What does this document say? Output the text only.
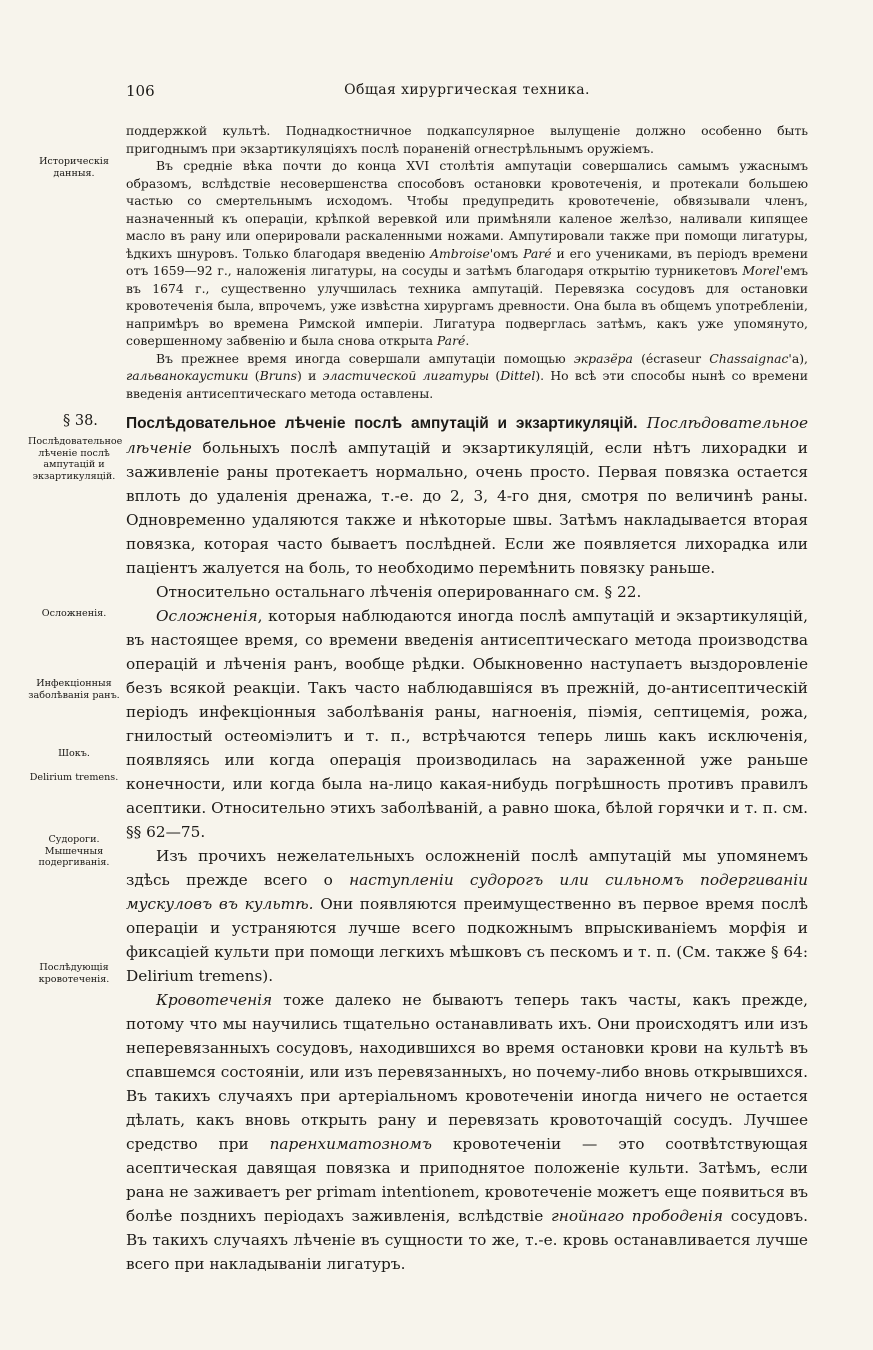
106	Общая хирургическая техника.

поддержкой культѣ. Поднадкостничное подкапсулярное вылущеніе должно особенно быть пригоднымъ при экзартикуляціяхъ послѣ пораненій огнестрѣльнымъ оружіемъ.

Въ средніе вѣка почти до конца XVI столѣтія ампутаціи совершались самымъ ужаснымъ образомъ, вслѣдствіе несовершенства способовъ остановки кровотеченія, и протекали большею частью со смертельнымъ исходомъ. Чтобы предупредить кровотеченіе, обвязывали членъ, назначенный къ операціи, крѣпкой веревкой или примѣняли каленое желѣзо, наливали кипящее масло въ рану или оперировали раскаленными ножами. Ампутировали также при помощи лигатуры, ѣдкихъ шнуровъ. Только благодаря введенію Ambroise'омъ Paré и его учениками, въ періодъ времени отъ 1659—92 г., наложенія лигатуры, на сосуды и затѣмъ благодаря открытію турникетовъ Morel'емъ въ 1674 г., существенно улучшилась техника ампутацій. Перевязка сосудовъ для остановки кровотеченія была, впрочемъ, уже извѣстна хирургамъ древности. Она была въ общемъ употребленіи, напримѣръ во времена Римской имперіи. Лигатура подверглась затѣмъ, какъ уже упомянуто, совершенному забвенію и была снова открыта Paré.

Въ прежнее время иногда совершали ампутаціи помощью экразёра (écraseur Chassaignac'а), гальванокаустики (Bruns) и эластической лигатуры (Dittel). Но всѣ эти способы нынѣ со времени введенія антисептическаго метода оставлены.

Послѣдовательное лѣченіе послѣ ампутацій и экзартикуляцій. Послѣдовательное лѣченіе больныхъ послѣ ампутацій и экзартикуляцій, если нѣтъ лихорадки и заживленіе раны протекаетъ нормально, очень просто. Первая повязка остается вплоть до удаленія дренажа, т.-е. до 2, 3, 4-го дня, смотря по величинѣ раны. Одновременно удаляются также и нѣкоторые швы. Затѣмъ накладывается вторая повязка, которая часто бываетъ послѣдней. Если же появляется лихорадка или паціентъ жалуется на боль, то необходимо перемѣнить повязку раньше.

Относительно остальнаго лѣченія оперированнаго см. § 22.

Осложненія, которыя наблюдаются иногда послѣ ампутацій и экзартикуляцій, въ настоящее время, со времени введенія антисептическаго метода производства операцій и лѣченія ранъ, вообще рѣдки. Обыкновенно наступаетъ выздоровленіе безъ всякой реакціи. Такъ часто наблюдавшіяся въ прежній, до-антисептическій періодъ инфекціонныя заболѣванія раны, нагноенія, піэмія, септицемія, рожа, гнилостый остеоміэлитъ и т. п., встрѣчаются теперь лишь какъ исключенія, появляясь или когда операція производилась на зараженной уже раньше конечности, или когда была на-лицо какая-нибудь погрѣшность противъ правилъ асептики. Относительно этихъ заболѣваній, а равно шока, бѣлой горячки и т. п. см. §§ 62—75.

Изъ прочихъ нежелательныхъ осложненій послѣ ампутацій мы упомянемъ здѣсь прежде всего о наступленіи судорогъ или сильномъ подергиваніи мускуловъ въ культѣ. Они появляются преимущественно въ первое время послѣ операціи и устраняются лучше всего подкожнымъ впрыскиваніемъ морфія и фиксаціей культи при помощи легкихъ мѣшковъ съ пескомъ и т. п. (См. также § 64: Delirium tremens).

Кровотеченія тоже далеко не бываютъ теперь такъ часты, какъ прежде, потому что мы научились тщательно останавливать ихъ. Они происходятъ или изъ неперевязанныхъ сосудовъ, находившихся во время остановки крови на культѣ въ спавшемся состояніи, или изъ перевязанныхъ, но почему-либо вновь открывшихся. Въ такихъ случаяхъ при артеріальномъ кровотеченіи иногда ничего не остается дѣлать, какъ вновь открыть рану и перевязать кровоточащій сосудъ. Лучшее средство при паренхиматозномъ кровотеченіи — это соотвѣтствующая асептическая давящая повязка и приподнятое положеніе культи. Затѣмъ, если рана не заживаетъ per primam intentionem, кровотеченіе можетъ еще появиться въ болѣе позднихъ періодахъ заживленія, вслѣдствіе гнойнаго прободенія сосудовъ. Въ такихъ случаяхъ лѣченіе въ сущности то же, т.-е. кровь останавливается лучше всего при накладываніи лигатуръ.

Историческія данныя.
§ 38.
Послѣдовательное лѣченіе послѣ ампутацій и экзартикуляцій.
Осложненія.
Инфекціонныя заболѣванія ранъ.
Шокъ.
Delirium tremens.
Судороги. Мышечныя подергиванія.
Послѣдующія кровотеченія.
